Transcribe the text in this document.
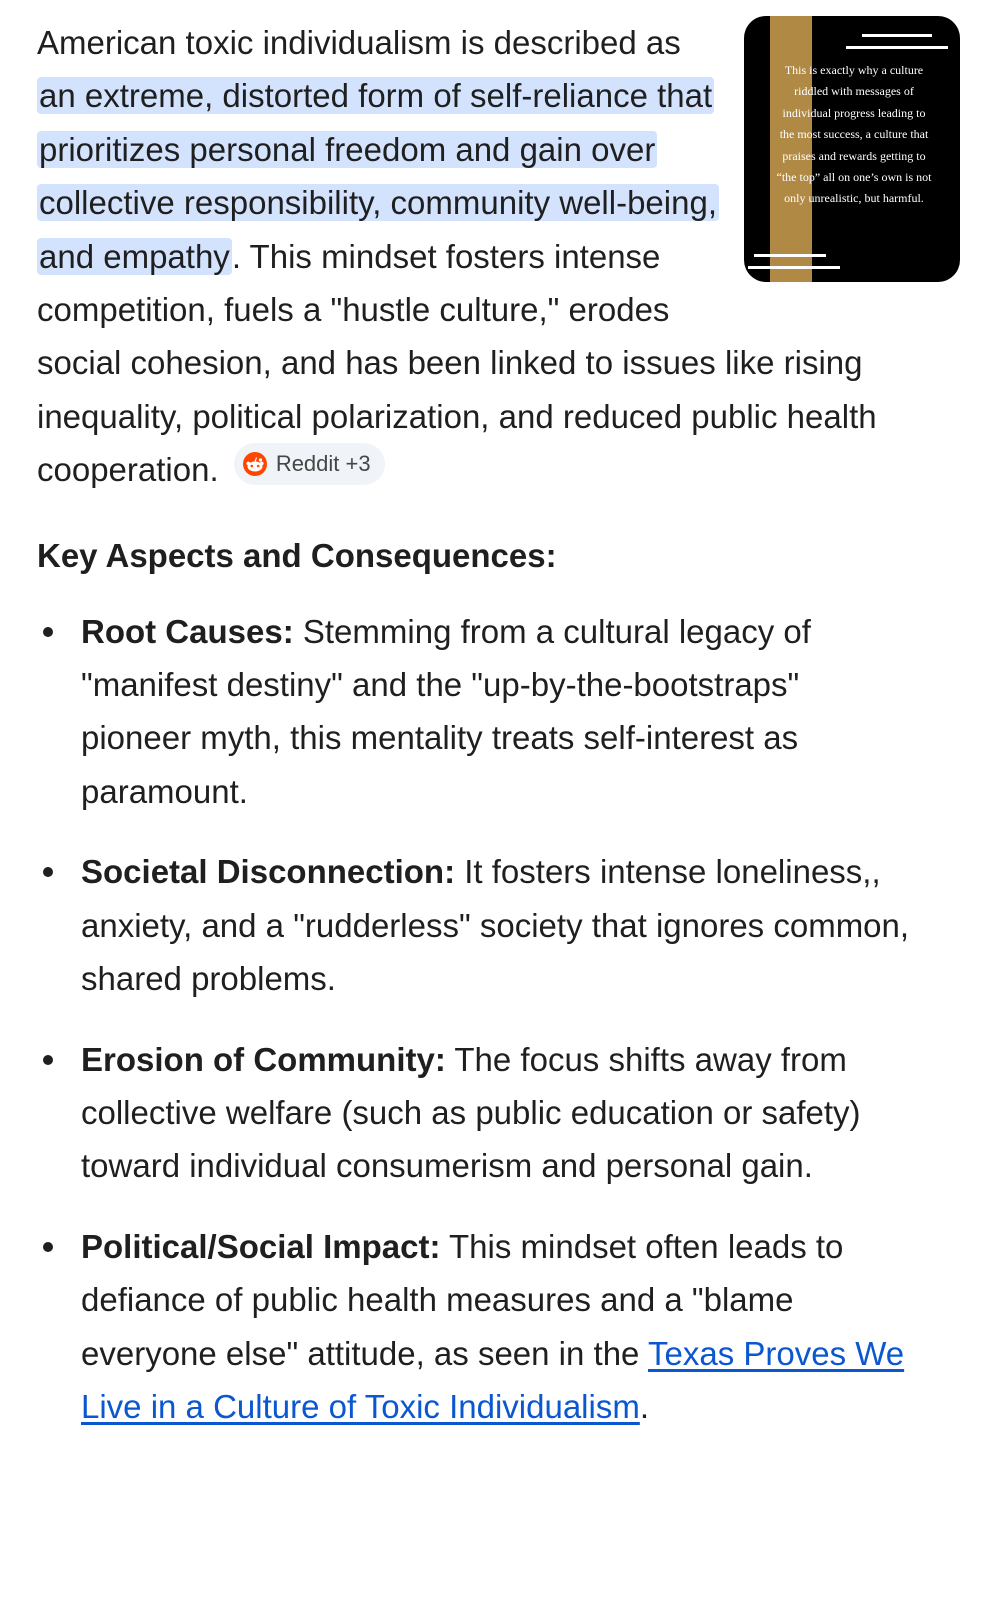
This is exactly why a culture riddled with messages of individual progress leading to the most success, a culture that praises and rewards getting to “the top” all on one’s own is not only unrealistic, but harmful.
American toxic individualism is described as an extreme, distorted form of self-reliance that prioritizes personal freedom and gain over collective responsibility, community well-being, and empathy. This mindset fosters intense competition, fuels a "hustle culture," erodes social cohesion, and has been linked to issues like rising inequality, political polarization, and reduced public health cooperation. Reddit +3

Key Aspects and Consequences:
Root Causes: Stemming from a cultural legacy of "manifest destiny" and the "up-by-the-bootstraps" pioneer myth, this mentality treats self-interest as paramount.
Societal Disconnection: It fosters intense loneliness,, anxiety, and a "rudderless" society that ignores common, shared problems.
Erosion of Community: The focus shifts away from collective welfare (such as public education or safety) toward individual consumerism and personal gain.
Political/Social Impact: This mindset often leads to defiance of public health measures and a "blame everyone else" attitude, as seen in the Texas Proves We Live in a Culture of Toxic Individualism.
